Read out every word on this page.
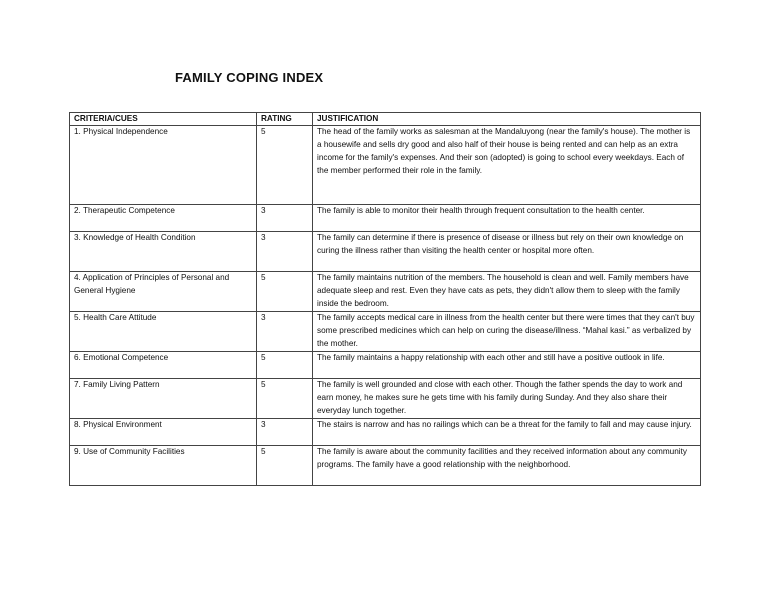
FAMILY COPING INDEX
CRITERIA/CUES	RATING	JUSTIFICATION
1. Physical Independence	5	The head of the family works as salesman at the Mandaluyong (near the family's house). The mother is a housewife and sells dry good and also half of their house is being rented and can help as an extra income for the family's expenses. And their son (adopted) is going to school every weekdays. Each of the member performed their role in the family.
2. Therapeutic Competence	3	The family is able to monitor their health through frequent consultation to the health center.
3. Knowledge of Health Condition	3	The family can determine if there is presence of disease or illness but rely on their own knowledge on curing the illness rather than visiting the health center or hospital more often.
4. Application of Principles of Personal and General Hygiene	5	The family maintains nutrition of the members. The household is clean and well. Family members have adequate sleep and rest. Even they have cats as pets, they didn't allow them to sleep with the family inside the bedroom.
5. Health Care Attitude	3	The family accepts medical care in illness from the health center but there were times that they can't buy some prescribed medicines which can help on curing the disease/illness. “Mahal kasi.” as verbalized by the mother.
6. Emotional Competence	5	The family maintains a happy relationship with each other and still have a positive outlook in life.
7. Family Living Pattern	5	The family is well grounded and close with each other. Though the father spends the day to work and earn money, he makes sure he gets time with his family during Sunday. And they also share their everyday lunch together.
8. Physical Environment	3	The stairs is narrow and has no railings which can be a threat for the family to fall and may cause injury.
9. Use of Community Facilities	5	The family is aware about the community facilities and they received information about any community programs. The family have a good relationship with the neighborhood.
